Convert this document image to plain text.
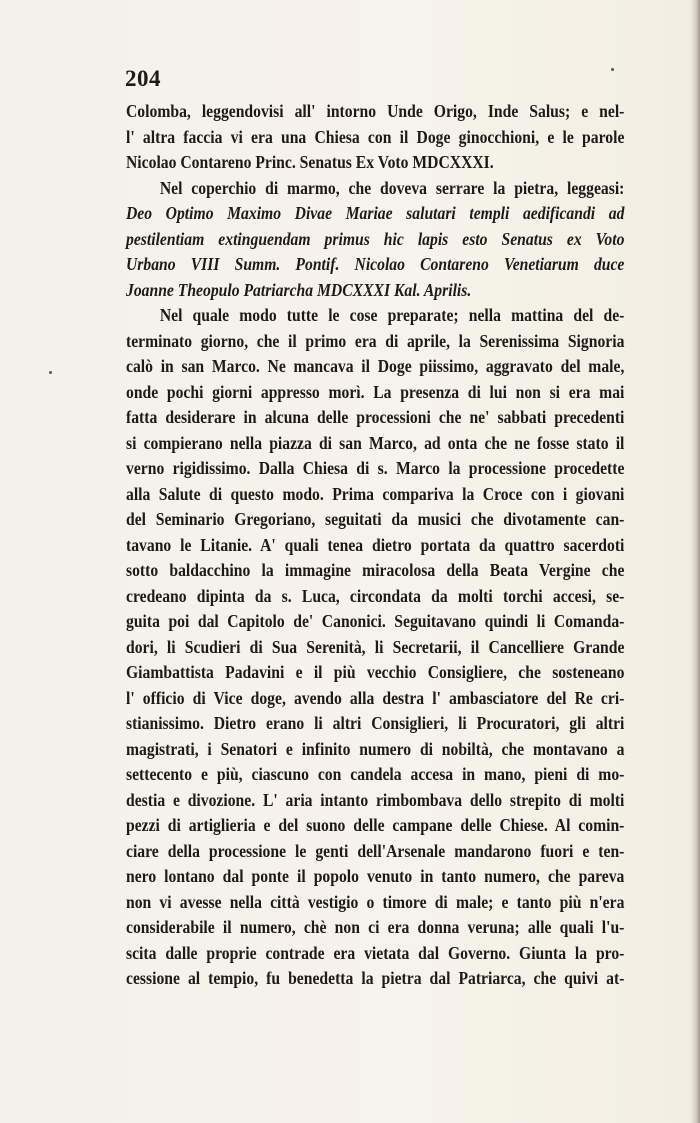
204
Colomba, leggendovisi all' intorno Unde Origo, Inde Salus; e nel-
l' altra faccia vi era una Chiesa con il Doge ginocchioni, e le parole
Nicolao Contareno Princ. Senatus Ex Voto MDCXXXI.
Nel coperchio di marmo, che doveva serrare la pietra, leggeasi:
Deo Optimo Maximo Divae Mariae salutari templi aedificandi ad
pestilentiam extinguendam primus hic lapis esto Senatus ex Voto
Urbano VIII Summ. Pontif. Nicolao Contareno Venetiarum duce
Joanne Theopulo Patriarcha MDCXXXI Kal. Aprilis.
Nel quale modo tutte le cose preparate; nella mattina del de-
terminato giorno, che il primo era di aprile, la Serenissima Signoria
calò in san Marco. Ne mancava il Doge piissimo, aggravato del male,
onde pochi giorni appresso morì. La presenza di lui non si era mai
fatta desiderare in alcuna delle processioni che ne' sabbati precedenti
si compierano nella piazza di san Marco, ad onta che ne fosse stato il
verno rigidissimo. Dalla Chiesa di s. Marco la processione procedette
alla Salute di questo modo. Prima compariva la Croce con i giovani
del Seminario Gregoriano, seguitati da musici che divotamente can-
tavano le Litanie. A' quali tenea dietro portata da quattro sacerdoti
sotto baldacchino la immagine miracolosa della Beata Vergine che
credeano dipinta da s. Luca, circondata da molti torchi accesi, se-
guita poi dal Capitolo de' Canonici. Seguitavano quindi li Comanda-
dori, li Scudieri di Sua Serenità, li Secretarii, il Cancelliere Grande
Giambattista Padavini e il più vecchio Consigliere, che sosteneano
l' officio di Vice doge, avendo alla destra l' ambasciatore del Re cri-
stianissimo. Dietro erano li altri Consiglieri, li Procuratori, gli altri
magistrati, i Senatori e infinito numero di nobiltà, che montavano a
settecento e più, ciascuno con candela accesa in mano, pieni di mo-
destia e divozione. L' aria intanto rimbombava dello strepito di molti
pezzi di artiglieria e del suono delle campane delle Chiese. Al comin-
ciare della processione le genti dell'Arsenale mandarono fuori e ten-
nero lontano dal ponte il popolo venuto in tanto numero, che pareva
non vi avesse nella città vestigio o timore di male; e tanto più n'era
considerabile il numero, chè non ci era donna veruna; alle quali l'u-
scita dalle proprie contrade era vietata dal Governo. Giunta la pro-
cessione al tempio, fu benedetta la pietra dal Patriarca, che quivi at-
